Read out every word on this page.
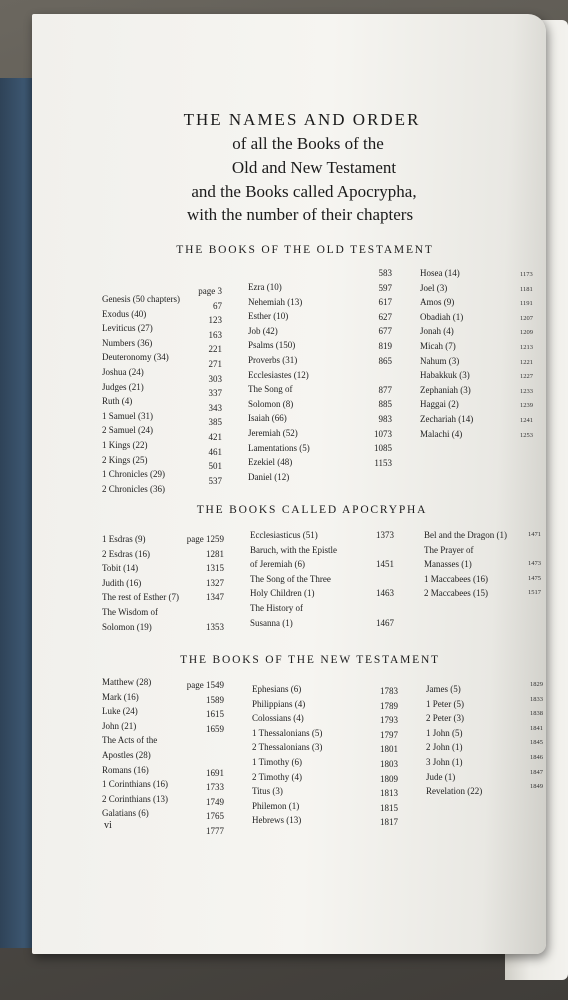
THE NAMES AND ORDER
of all the Books of the
Old and New Testament
and the Books called Apocrypha,
with the number of their chapters
THE BOOKS OF THE OLD TESTAMENT
Genesis (50 chapters)
Exodus (40)
Leviticus (27)
Numbers (36)
Deuteronomy (34)
Joshua (24)
Judges (21)
Ruth (4)
1 Samuel (31)
2 Samuel (24)
1 Kings (22)
2 Kings (25)
1 Chronicles (29)
2 Chronicles (36)
page 3
67
123
163
221
271
303
337
343
385
421
461
501
537
Ezra (10)
Nehemiah (13)
Esther (10)
Job (42)
Psalms (150)
Proverbs (31)
Ecclesiastes (12)
The Song of
Solomon (8)
Isaiah (66)
Jeremiah (52)
Lamentations (5)
Ezekiel (48)
Daniel (12)
583
597
617
627
677
819
865
877
885
983
1073
1085
1153
Hosea (14)
Joel (3)
Amos (9)
Obadiah (1)
Jonah (4)
Micah (7)
Nahum (3)
Habakkuk (3)
Zephaniah (3)
Haggai (2)
Zechariah (14)
Malachi (4)
1173
1181
1191
1207
1209
1213
1221
1227
1233
1239
1241
1253
THE BOOKS CALLED APOCRYPHA
1 Esdras (9)
2 Esdras (16)
Tobit (14)
Judith (16)
The rest of Esther (7)
The Wisdom of
Solomon (19)
page 1259
1281
1315
1327
1347
1353
Ecclesiasticus (51)
Baruch, with the Epistle
of Jeremiah (6)
The Song of the Three
Holy Children (1)
The History of
Susanna (1)
1373
1451
1463
1467
Bel and the Dragon (1)
The Prayer of
Manasses (1)
1 Maccabees (16)
2 Maccabees (15)
1471
1473
1475
1517
THE BOOKS OF THE NEW TESTAMENT
Matthew (28)
Mark (16)
Luke (24)
John (21)
The Acts of the
Apostles (28)
Romans (16)
1 Corinthians (16)
2 Corinthians (13)
Galatians (6)
page 1549
1589
1615
1659
1691
1733
1749
1765
1777
Ephesians (6)
Philippians (4)
Colossians (4)
1 Thessalonians (5)
2 Thessalonians (3)
1 Timothy (6)
2 Timothy (4)
Titus (3)
Philemon (1)
Hebrews (13)
1783
1789
1793
1797
1801
1803
1809
1813
1815
1817
James (5)
1 Peter (5)
2 Peter (3)
1 John (5)
2 John (1)
3 John (1)
Jude (1)
Revelation (22)
1829
1833
1838
1841
1845
1846
1847
1849
vi
